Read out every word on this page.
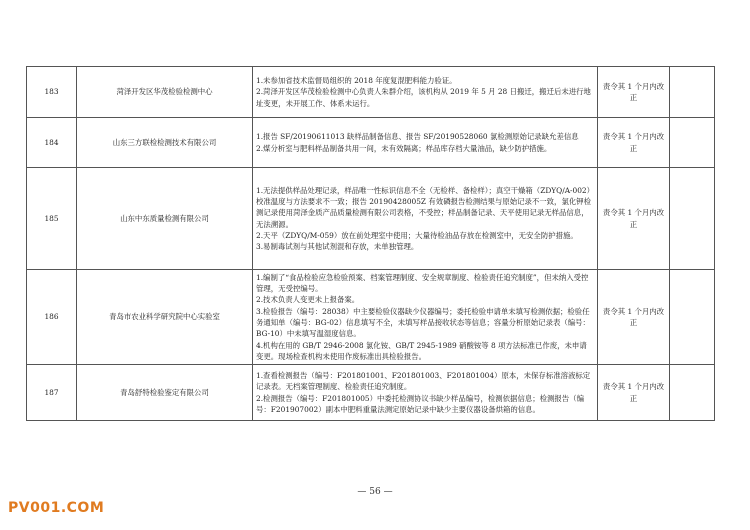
183	菏泽开发区华茂检验检测中心	1.未参加省技术监督局组织的 2018 年度复混肥料能力验证。
2.菏泽开发区华茂检验检测中心负责人朱群介绍，该机构从 2019 年 5 月 28 日搬迁，搬迁后未进行地址变更，未开展工作、体系未运行。	责令其 1 个月内改正	
184	山东三方联检检测技术有限公司	1.报告 SF/20190611013 缺样品制备信息、报告 SF/20190528060 氯检测原始记录缺允差信息
2.煤分析室与肥料样品制备共用一间，未有效隔离；样品库存档大量油品，缺少防护措施。	责令其 1 个月内改正	
185	山东中东质量检测有限公司	1.无法提供样品处理记录，样品唯一性标识信息不全（无检样、备检样）；真空干燥箱（ZDYQ/A-002）校准温度与方法要求不一致；报告 20190428005Z 有效磷报告检测结果与原始记录不一致，氯化钾检测记录使用菏泽金质产品质量检测有限公司表格，不受控；样品制备记录、天平使用记录无样品信息，无法溯源。
2.天平（ZDYQ/M-059）放在前处理室中使用；大量待检油品存放在检测室中，无安全防护措施。
3.易制毒试剂与其他试剂混和存放，未单独管理。	责令其 1 个月内改正	
186	青岛市农业科学研究院中心实验室	1.编制了“食品检验应急检验预案、档案管理制度、安全规章制度、检验责任追究制度”，但未纳入受控管理，无受控编号。
2.技术负责人变更未上报备案。
3.检验报告（编号：28038）中主要检验仪器缺少仪器编号；委托检验申请单未填写检测依据；检验任务通知单（编号：BG-02）信息填写不全，未填写样品接收状态等信息；容量分析原始记录表（编号：BG-10）中未填写温湿度信息。
4.机构在用的 GB/T 2946-2008 氯化铵、GB/T 2945-1989 硝酸铵等 8 项方法标准已作废，未申请变更。现场检查机构未使用作废标准出具检验报告。	责令其 1 个月内改正	
187	青岛舒特检验鉴定有限公司	1.查看检测报告（编号：F201801001、F201801003、F201801004）原本，未保存标准溶液标定记录表。无档案管理制度、检验责任追究制度。
2.检测报告（编号：F201801005）中委托检测协议书缺少样品编号，检测依据信息；检测报告（编号：F201907002）副本中肥料重量法测定原始记录中缺少主要仪器设备烘箱的信息。	责令其 1 个月内改正	
— 56 —
PV001.COM
